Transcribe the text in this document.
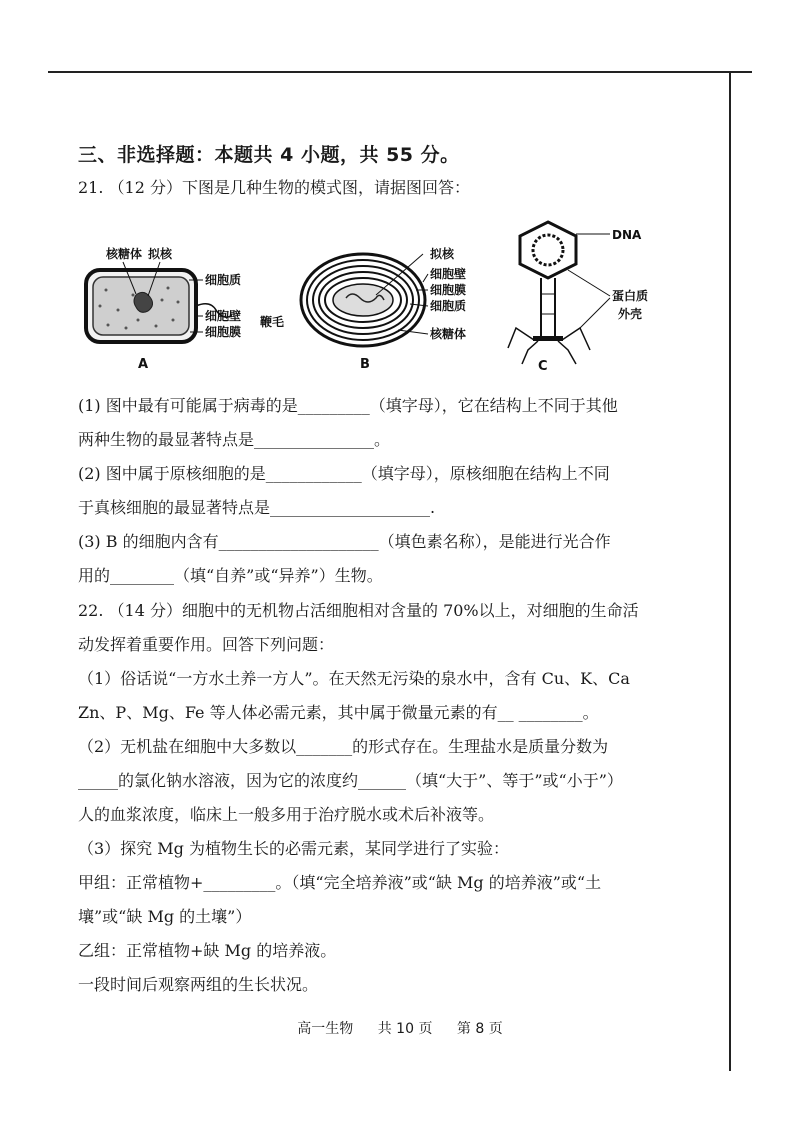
三、非选择题：本题共 4 小题，共 55 分。
21. （12 分）下图是几种生物的模式图，请据图回答：
核糖体 拟核
细胞质
细胞壁
细胞膜
鞭毛
A
拟核
细胞壁
细胞膜
细胞质
核糖体
B
DNA
蛋白质
外壳
C
(1) 图中最有可能属于病毒的是_________（填字母），它在结构上不同于其他
两种生物的最显著特点是_______________。
(2) 图中属于原核细胞的是____________（填字母），原核细胞在结构上不同
于真核细胞的最显著特点是____________________.
(3) B 的细胞内含有____________________（填色素名称），是能进行光合作
用的________（填“自养”或“异养”）生物。
22. （14 分）细胞中的无机物占活细胞相对含量的 70%以上，对细胞的生命活
动发挥着重要作用。回答下列问题：
（1）俗话说“一方水土养一方人”。在天然无污染的泉水中，含有 Cu、K、Ca
Zn、P、Mg、Fe 等人体必需元素，其中属于微量元素的有__ ________。
（2）无机盐在细胞中大多数以_______的形式存在。生理盐水是质量分数为
_____的氯化钠水溶液，因为它的浓度约______（填“大于”、等于”或“小于”）
人的血浆浓度，临床上一般多用于治疗脱水或术后补液等。
（3）探究 Mg 为植物生长的必需元素，某同学进行了实验：
甲组：正常植物+_________。（填“完全培养液”或“缺 Mg 的培养液”或“土
壤”或“缺 Mg 的土壤”）
乙组：正常植物+缺 Mg 的培养液。
一段时间后观察两组的生长状况。
高一生物 共 10 页 第 8 页
